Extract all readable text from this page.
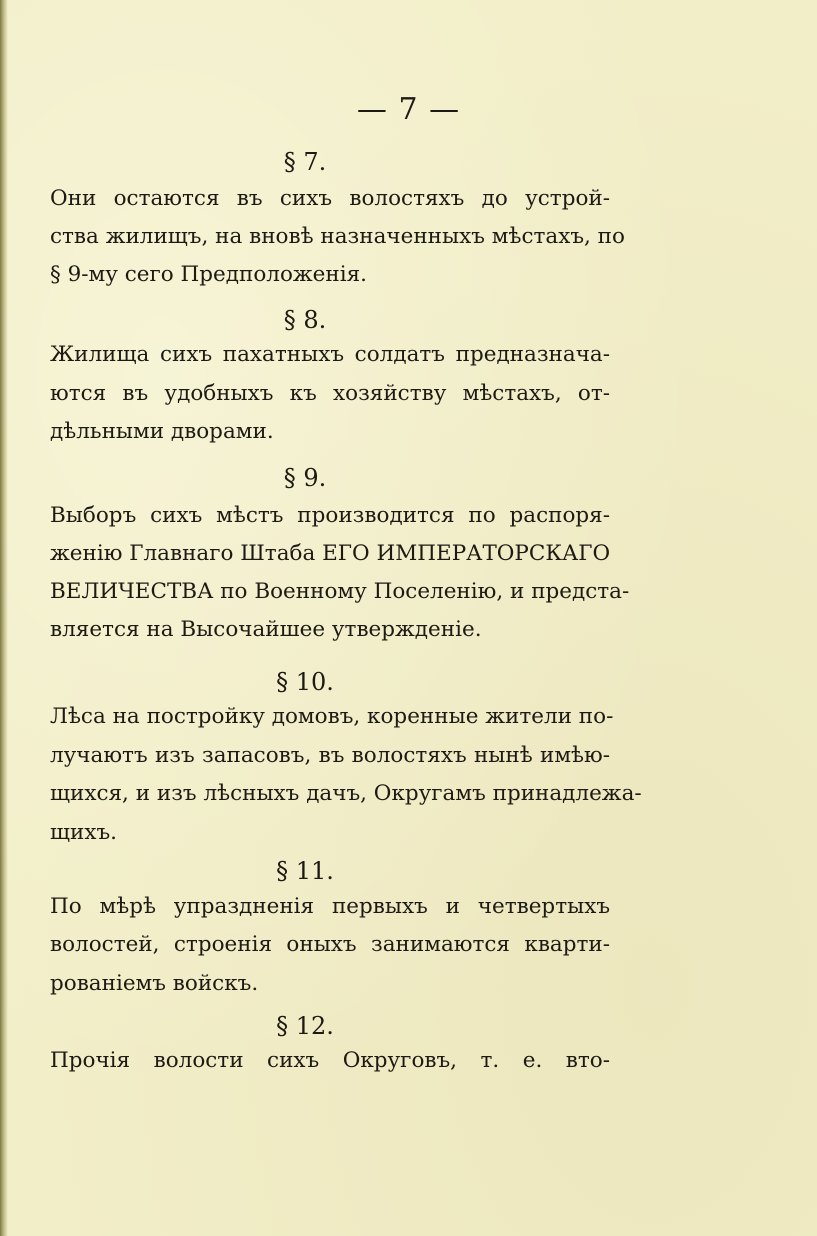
— 7 —
§ 7.
Они остаются въ сихъ волостяхъ до устрой-
ства жилищъ, на вновѣ назначенныхъ мѣстахъ, по
§ 9-му сего Предположенія.
§ 8.
Жилища сихъ пахатныхъ солдатъ предназнача-
ются въ удобныхъ къ хозяйству мѣстахъ, от-
дѣльными дворами.
§ 9.
Выборъ сихъ мѣстъ производится по распоря-
женію Главнаго Штаба ЕГО ИМПЕРАТОРСКАГО
ВЕЛИЧЕСТВА по Военному Поселенію, и предста-
вляется на Высочайшее утвержденіе.
§ 10.
Лѣса на постройку домовъ, коренные жители по-
лучаютъ изъ запасовъ, въ волостяхъ нынѣ имѣю-
щихся, и изъ лѣсныхъ дачъ, Округамъ принадлежа-
щихъ.
§ 11.
По мѣрѣ упраздненія первыхъ и четвертыхъ
волостей, строенія оныхъ занимаются кварти-
рованіемъ войскъ.
§ 12.
Прочія волости сихъ Округовъ, т. е. вто-
